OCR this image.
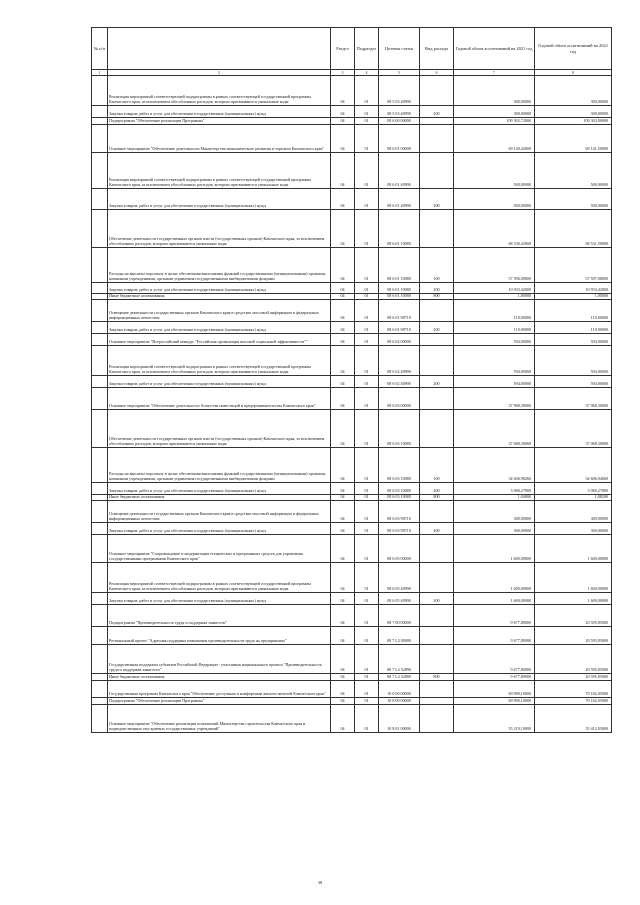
№ п/п		Раздел	Подраздел	Целевая статья	Вид расхода	Годовой объем ассигнований на 2021 год	Годовой объем ассигнований на 2022 год
1	2	3	4	5	6	7	8
	Реализация мероприятий соответствующей подпрограммы в рамках соответствующей государственной программы Камчатского края, за исключением обособленных расходов, которым присваиваются уникальные коды	04	01	08 5 03 40990		300,00000	300,00000
	Закупка товаров, работ и услуг для обеспечения государственных (муниципальных) нужд	04	01	08 5 03 40990	200	300,00000	300,00000
	Подпрограмма "Обеспечение реализации Программы"	04	01	08 6 00 00000		109 302,72000	109 303,80000
	Основное мероприятие "Обеспечение деятельности Министерства экономического развития и торговли Камчатского края"	04	01	08 6 01 00000		69 140,42000	69 141,50000
	Реализация мероприятий соответствующей подпрограммы в рамках соответствующей государственной программы Камчатского края, за исключением обособленных расходов, которым присваиваются уникальные коды	04	01	08 6 01 40990		500,00000	500,00000
	Закупка товаров, работ и услуг для обеспечения государственных (муниципальных) нужд	04	01	08 6 01 40990	200	500,00000	500,00000
	Обеспечение деятельности государственных органов власти (государственных органов) Камчатского края, за исключением обособленных расходов, которым присваиваются уникальные коды.	04	01	08 6 01 10080		68 530,42000	68 531,50000
	Расходы на выплаты персоналу в целях обеспечения выполнения функций государственными (муниципальными) органами, казенными учреждениями, органами управления государственными внебюджетными фондами	04	01	08 6 01 10080	100	57 596,00000	57 597,08000
	Закупка товаров, работ и услуг для обеспечения государственных (муниципальных) нужд	04	01	08 6 01 10080	200	10 933,42000	10 933,42000
	Иные бюджетные ассигнования	04	01	08 6 01 10080	800	1,00000	1,00000
	Освещение деятельности государственных органов Камчатского края в средствах массовой информации и федеральных информационных агентствах	04	01	08 6 01 98710		110,00000	110,00000
	Закупка товаров, работ и услуг для обеспечения государственных (муниципальных) нужд	04	01	08 6 01 98710	200	110,00000	110,00000
	Основное мероприятие "Всероссийский конкурс "Российская организация высокой социальной эффективности""	04	01	08 6 02 00000		594,00000	594,00000
	Реализация мероприятий соответствующей подпрограммы в рамках соответствующей государственной программы Камчатского края, за исключением обособленных расходов, которым присваиваются уникальные коды	04	01	08 6 02 40990		594,00000	594,00000
	Закупка товаров, работ и услуг для обеспечения государственных (муниципальных) нужд	04	01	08 6 02 40990	200	594,00000	594,00000
	Основное мероприятие "Обеспечение деятельности Агентства инвестиций и предпринимательства Камчатского края"	04	01	08 6 03 00000		37 968,30000	37 968,30000
	Обеспечение деятельности государственных органов власти (государственных органов) Камчатского края, за исключением обособленных расходов, которым присваиваются уникальные коды.	04	01	08 6 03 10080		37 068,30000	37 068,30000
	Расходы на выплаты персоналу в целях обеспечения выполнения функций государственными (муниципальными) органами, казенными учреждениями, органами управления государственными внебюджетными фондами	04	01	08 6 03 10080	100	34 606,98260	34 606,94060
	Закупка товаров, работ и услуг для обеспечения государственных (муниципальных) нужд	04	01	08 6 03 10080	200	3 060,27800	3 060,27800
	Иные бюджетные ассигнования	04	01	08 6 03 10080	800	1,04000	1,08200
	Освещение деятельности государственных органов Камчатского края в средствах массовой информации и федеральных информационных агентствах	04	01	08 6 03 98710		300,00000	300,00000
	Закупка товаров, работ и услуг для обеспечения государственных (муниципальных) нужд	04	01	08 6 03 98710	200	300,00000	300,00000
	Основное мероприятие "Сопровождение и модернизация технических и программных средств для управления государственными программами Камчатского края"	04	01	08 6 05 00000		1 600,00000	1 600,00000
	Реализация мероприятий соответствующей подпрограммы в рамках соответствующей государственной программы Камчатского края, за исключением обособленных расходов, которым присваиваются уникальные коды	04	01	08 6 05 40990		1 600,00000	1 600,00000
	Закупка товаров, работ и услуг для обеспечения государственных (муниципальных) нужд	04	01	08 6 05 40990	200	1 600,00000	1 600,00000
	Подпрограмма "Производительность труда и поддержка занятости"	04	01	08 7 00 00000		9 677,80000	20 595,85000
	Региональный проект "Адресная поддержка повышения производительности труда на предприятиях"	04	01	08 7 L2 00000		9 677,80000	20 595,85000
	Государственная поддержка субъектов Российской Федерации - участников национального проекта "Производительность труда и поддержка занятости"	04	01	08 7 L2 52890		9 677,80000	20 595,85000
	Иные бюджетные ассигнования	04	01	08 7 L2 52890	800	9 677,80000	20 595,85000
	Государственная программа Камчатского края "Обеспечение доступным и комфортным жильем жителей Камчатского края"	04	01	10 0 00 00000		69 990,10000	70 182,05000
	Подпрограмма "Обеспечение реализации Программы"	04	01	10 8 00 00000		69 990,10000	70 182,05000
	Основное мероприятие "Обеспечение реализации полномочий Министерства строительства Камчатского края и подведомственных ему краевых государственных учреждений"	04	01	10 8 01 00000		55 219,10000	55 412,05000
38
